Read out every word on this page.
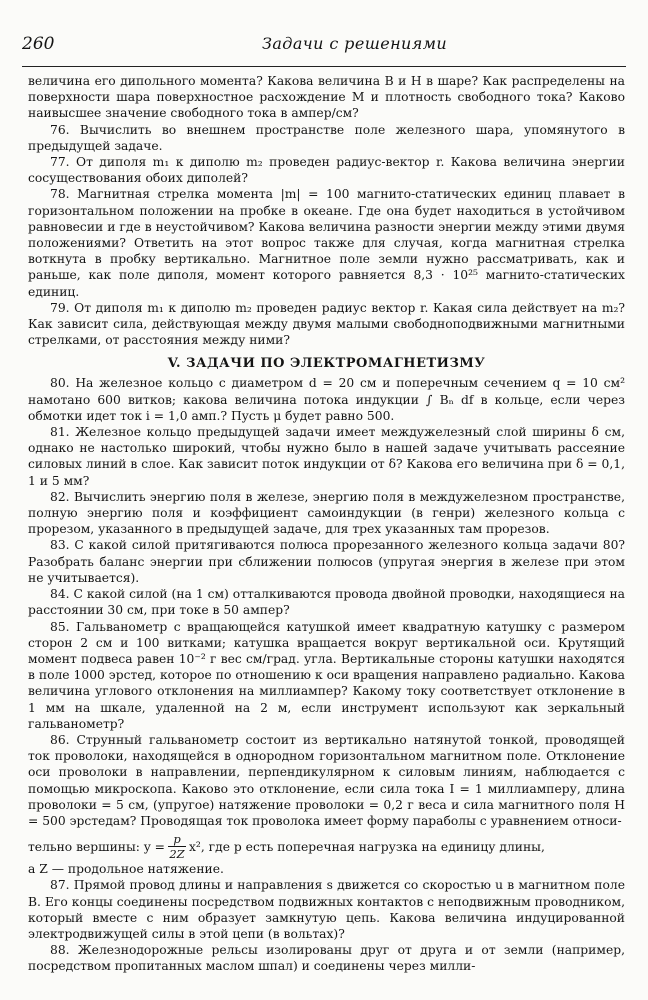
260	Задачи с решениями

величина его дипольного момента? Какова величина B и H в шаре? Как распределены на поверхности шара поверхностное расхождение M и плотность свободного тока? Каково наивысшее значение свободного тока в ампер/см?

76. Вычислить во внешнем пространстве поле железного шара, упомянутого в предыдущей задаче.

77. От диполя m₁ к диполю m₂ проведен радиус-вектор r. Какова величина энергии сосуществования обоих диполей?

78. Магнитная стрелка момента |m| = 100 магнито-статических единиц плавает в горизонтальном положении на пробке в океане. Где она будет находиться в устойчивом равновесии и где в неустойчивом? Какова величина разности энергии между этими двумя положениями? Ответить на этот вопрос также для случая, когда магнитная стрелка воткнута в пробку вертикально. Магнитное поле земли нужно рассматривать, как и раньше, как поле диполя, момент которого равняется 8,3 · 10²⁵ магнито-статических единиц.

79. От диполя m₁ к диполю m₂ проведен радиус вектор r. Какая сила действует на m₂? Как зависит сила, действующая между двумя малыми свободноподвижными магнитными стрелками, от расстояния между ними?

V. ЗАДАЧИ ПО ЭЛЕКТРОМАГНЕТИЗМУ

80. На железное кольцо с диаметром d = 20 см и поперечным сечением q = 10 см² намотано 600 витков; какова величина потока индукции ∫ Bₙ df в кольце, если через обмотки идет ток i = 1,0 амп.? Пусть μ будет равно 500.

81. Железное кольцо предыдущей задачи имеет междужелезный слой ширины δ см, однако не настолько широкий, чтобы нужно было в нашей задаче учитывать рассеяние силовых линий в слое. Как зависит поток индукции от δ? Какова его величина при δ = 0,1, 1 и 5 мм?

82. Вычислить энергию поля в железе, энергию поля в междужелезном пространстве, полную энергию поля и коэффициент самоиндукции (в генри) железного кольца с прорезом, указанного в предыдущей задаче, для трех указанных там прорезов.

83. С какой силой притягиваются полюса прорезанного железного кольца задачи 80? Разобрать баланс энергии при сближении полюсов (упругая энергия в железе при этом не учитывается).

84. С какой силой (на 1 см) отталкиваются провода двойной проводки, находящиеся на расстоянии 30 см, при токе в 50 ампер?

85. Гальванометр с вращающейся катушкой имеет квадратную катушку с размером сторон 2 см и 100 витками; катушка вращается вокруг вертикальной оси. Крутящий момент подвеса равен 10⁻² г вес см/град. угла. Вертикальные стороны катушки находятся в поле 1000 эрстед, которое по отношению к оси вращения направлено радиально. Какова величина углового отклонения на миллиампер? Какому току соответствует отклонение в 1 мм на шкале, удаленной на 2 м, если инструмент используют как зеркальный гальванометр?

86. Струнный гальванометр состоит из вертикально натянутой тонкой, проводящей ток проволоки, находящейся в однородном горизонтальном магнитном поле. Отклонение оси проволоки в направлении, перпендикулярном к силовым линиям, наблюдается с помощью микроскопа. Каково это отклонение, если сила тока I = 1 миллиамперу, длина проволоки = 5 см, (упругое) натяжение проволоки = 0,2 г веса и сила магнитного поля H = 500 эрстедам? Проводящая ток проволока имеет форму параболы с уравнением относи-

тельно вершины: $y = \frac{p}{2Z} x^2$, где p есть поперечная нагрузка на единицу длины,

а Z — продольное натяжение.

87. Прямой провод длины и направления s движется со скоростью u в магнитном поле B. Его концы соединены посредством подвижных контактов с неподвижным проводником, который вместе с ним образует замкнутую цепь. Какова величина индуцированной электродвижущей силы в этой цепи (в вольтах)?

88. Железнодорожные рельсы изолированы друг от друга и от земли (например, посредством пропитанных маслом шпал) и соединены через милли-
